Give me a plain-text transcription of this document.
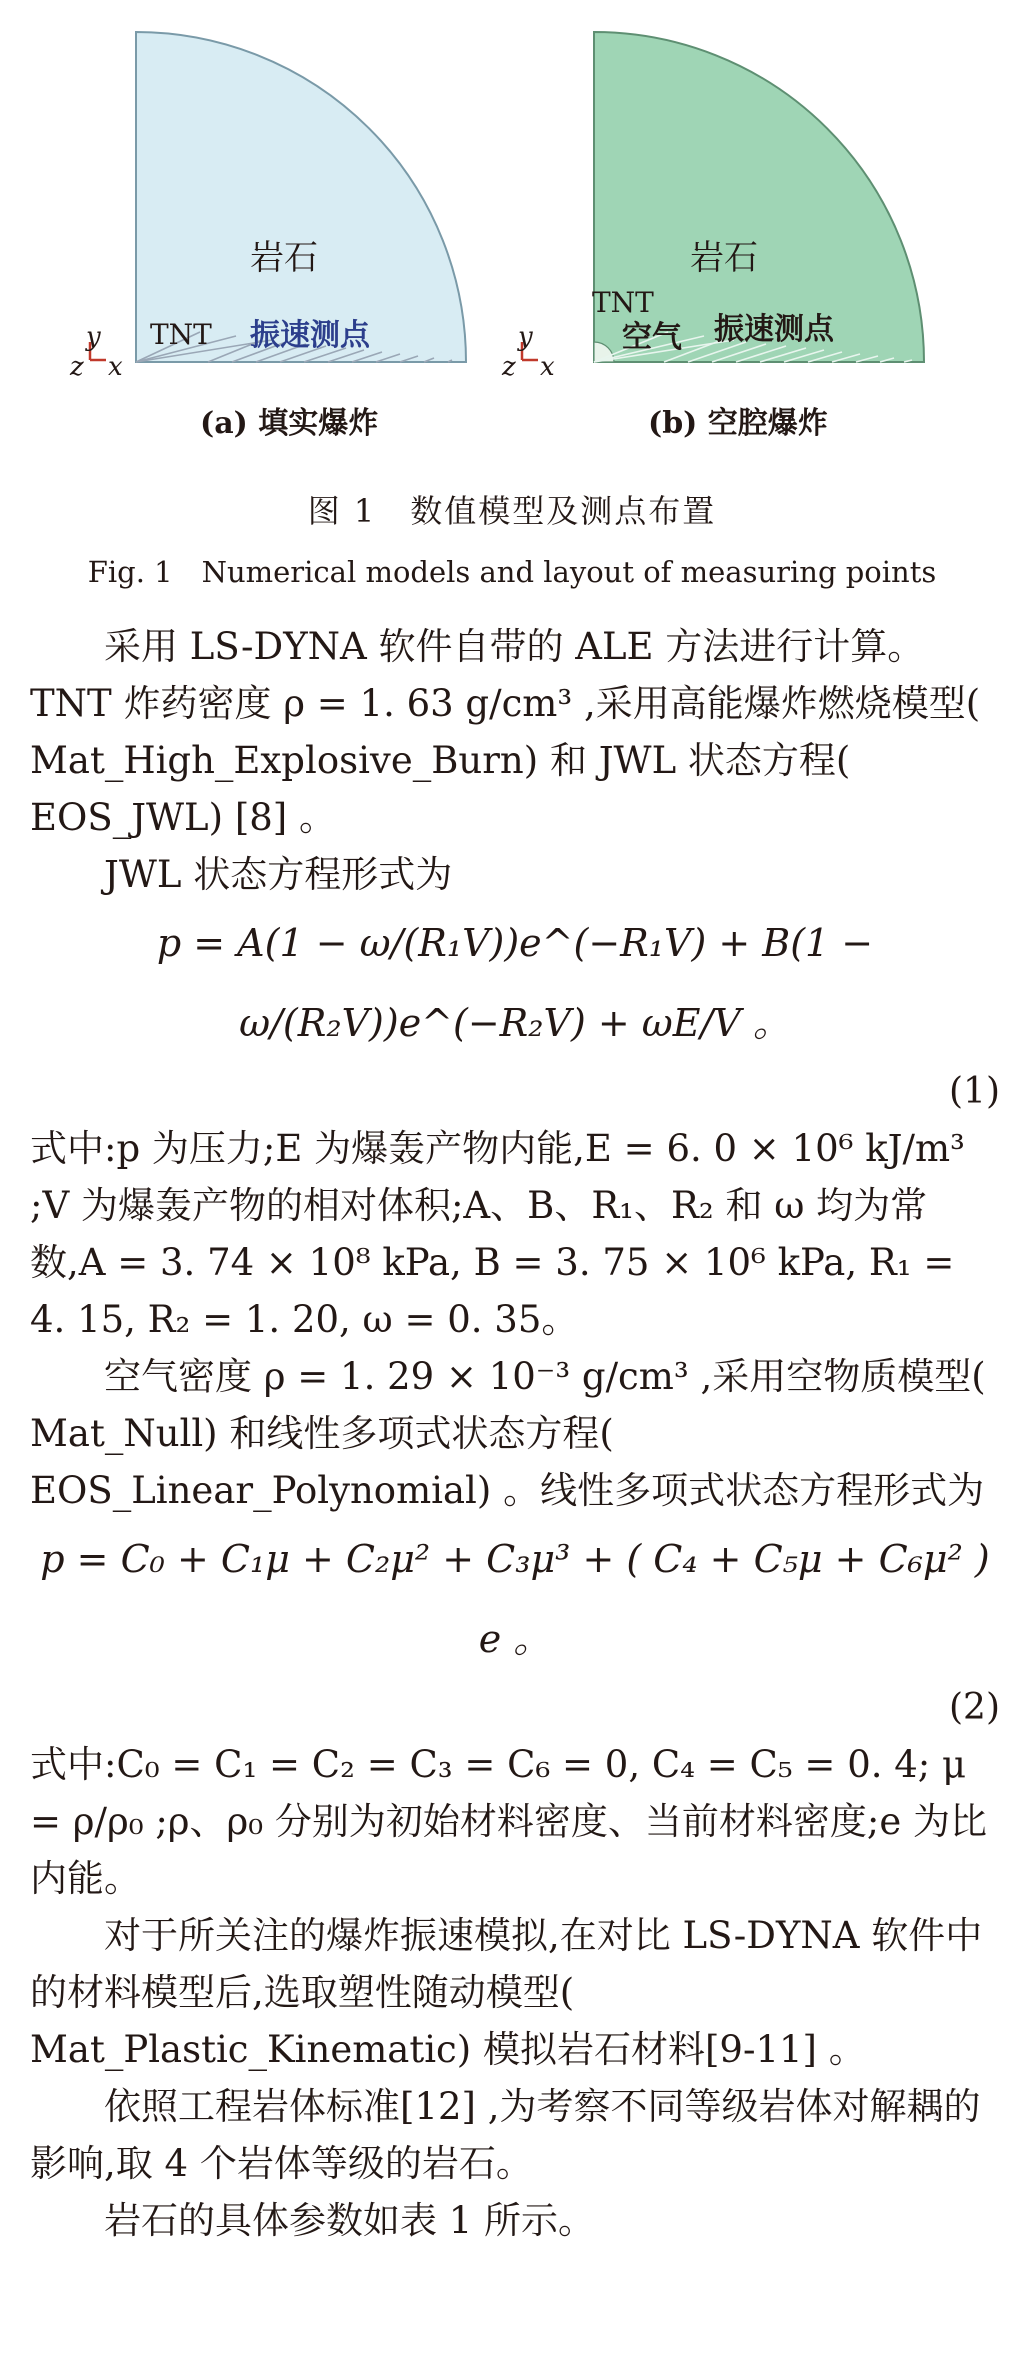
岩石
TNT 振速测点
y
z x
(a) 填实爆炸
岩石
TNT
空气 振速测点
y
z x
(b) 空腔爆炸
图 1　数值模型及测点布置
Fig. 1　Numerical models and layout of measuring points

采用 LS-DYNA 软件自带的 ALE 方法进行计算。TNT 炸药密度 ρ = 1. 63 g/cm³ ,采用高能爆炸燃烧模型( Mat_High_Explosive_Burn) 和 JWL 状态方程( EOS_JWL) [8] 。

JWL 状态方程形式为

p = A(1 − ω/(R₁V))e^(−R₁V) + B(1 − ω/(R₂V))e^(−R₂V) + ωE/V 。

(1)

式中:p 为压力;E 为爆轰产物内能,E = 6. 0 × 10⁶ kJ/m³ ;V 为爆轰产物的相对体积;A、B、R₁、R₂ 和 ω 均为常数,A = 3. 74 × 10⁸ kPa, B = 3. 75 × 10⁶ kPa, R₁ = 4. 15, R₂ = 1. 20, ω = 0. 35。

空气密度 ρ = 1. 29 × 10⁻³ g/cm³ ,采用空物质模型( Mat_Null) 和线性多项式状态方程( EOS_Linear_Polynomial) 。线性多项式状态方程形式为

p = C₀ + C₁μ + C₂μ² + C₃μ³ + ( C₄ + C₅μ + C₆μ² ) e 。

(2)

式中:C₀ = C₁ = C₂ = C₃ = C₆ = 0, C₄ = C₅ = 0. 4; μ = ρ/ρ₀ ;ρ、ρ₀ 分别为初始材料密度、当前材料密度;e 为比内能。

对于所关注的爆炸振速模拟,在对比 LS-DYNA 软件中的材料模型后,选取塑性随动模型( Mat_Plastic_Kinematic) 模拟岩石材料[9-11] 。

依照工程岩体标准[12] ,为考察不同等级岩体对解耦的影响,取 4 个岩体等级的岩石。

岩石的具体参数如表 1 所示。
